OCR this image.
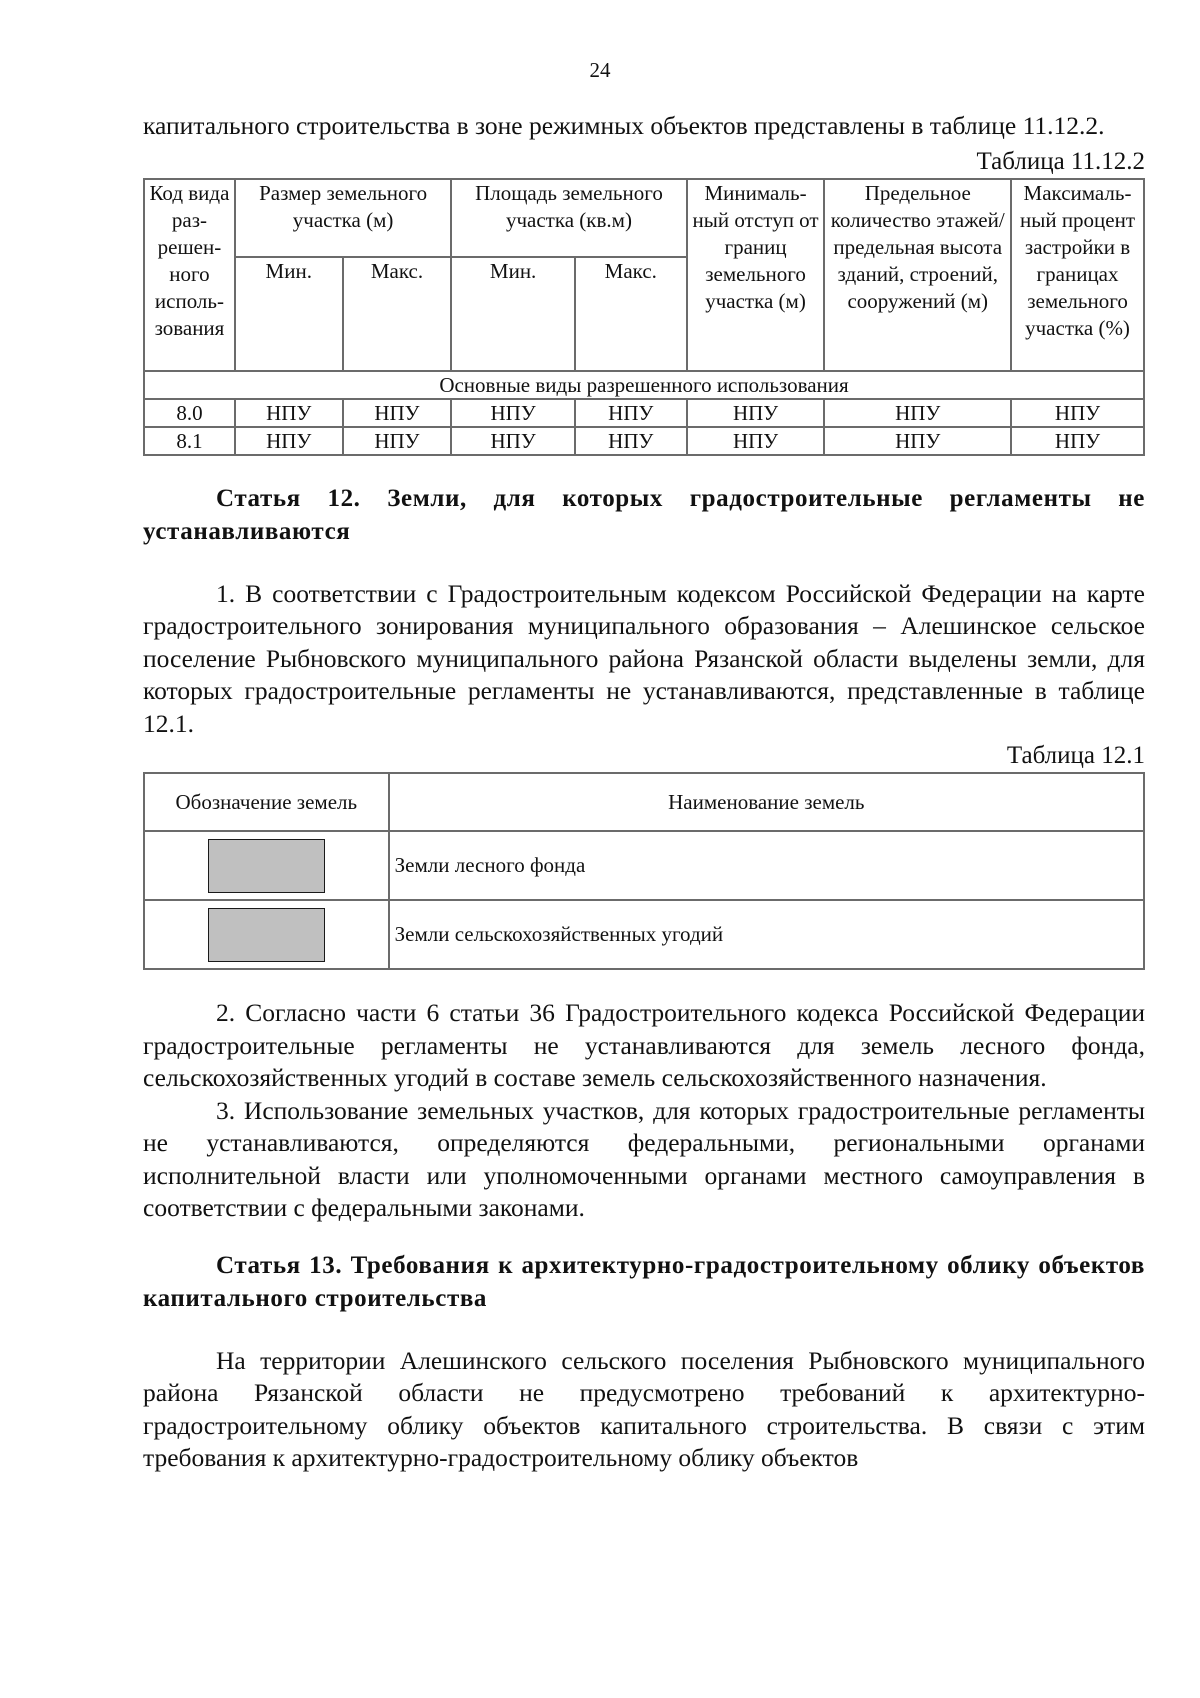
24

капитального строительства в зоне режимных объектов представлены в таблице 11.12.2.

Таблица 11.12.2
Код вида раз-решен-ного исполь-зования	Размер земельного участка (м)		Площадь земельного участка (кв.м)		Минималь-ный отступ от границ земельного участка (м)	Предельное количество этажей/ предельная высота зданий, строений, сооружений (м)	Максималь-ный процент застройки в границах земельного участка (%)
	Мин.	Макс.	Мин.	Макс.			
Основные виды разрешенного использования							
8.0	НПУ	НПУ	НПУ	НПУ	НПУ	НПУ	НПУ
8.1	НПУ	НПУ	НПУ	НПУ	НПУ	НПУ	НПУ

Статья 12. Земли, для которых градостроительные регламенты не устанавливаются

1. В соответствии с Градостроительным кодексом Российской Федерации на карте градостроительного зонирования муниципального образования – Алешинское сельское поселение Рыбновского муниципального района Рязанской области выделены земли, для которых градостроительные регламенты не устанавливаются, представленные в таблице 12.1.

Таблица 12.1
Обозначение земель	Наименование земель

	Земли лесного фонда

	Земли сельскохозяйственных угодий

2. Согласно части 6 статьи 36 Градостроительного кодекса Российской Федерации градостроительные регламенты не устанавливаются для земель лесного фонда, сельскохозяйственных угодий в составе земель сельскохозяйственного назначения.

3. Использование земельных участков, для которых градостроительные регламенты не устанавливаются, определяются федеральными, региональными органами исполнительной власти или уполномоченными органами местного самоуправления в соответствии с федеральными законами.

Статья 13. Требования к архитектурно-градостроительному облику объектов капитального строительства

На территории Алешинского сельского поселения Рыбновского муниципального района Рязанской области не предусмотрено требований к архитектурно-градостроительному облику объектов капитального строительства. В связи с этим требования к архитектурно-градостроительному облику объектов
